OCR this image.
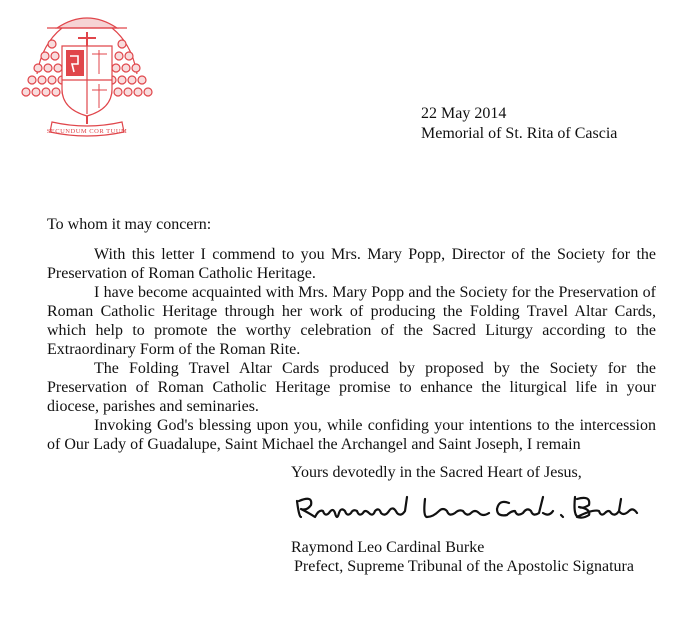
SECUNDUM COR TUUM
22 May 2014
Memorial of St. Rita of Cascia
To whom it may concern:

With this letter I commend to you Mrs. Mary Popp, Director of the Society for the Preservation of Roman Catholic Heritage.

I have become acquainted with Mrs. Mary Popp and the Society for the Preservation of Roman Catholic Heritage through her work of producing the Folding Travel Altar Cards, which help to promote the worthy celebration of the Sacred Liturgy according to the Extraordinary Form of the Roman Rite.

The Folding Travel Altar Cards produced by proposed by the Society for the Preservation of Roman Catholic Heritage promise to enhance the liturgical life in your diocese, parishes and seminaries.

Invoking God's blessing upon you, while confiding your intentions to the intercession of Our Lady of Guadalupe, Saint Michael the Archangel and Saint Joseph, I remain

Yours devotedly in the Sacred Heart of Jesus,
Raymond Leo Cardinal Burke
Prefect, Supreme Tribunal of the Apostolic Signatura
